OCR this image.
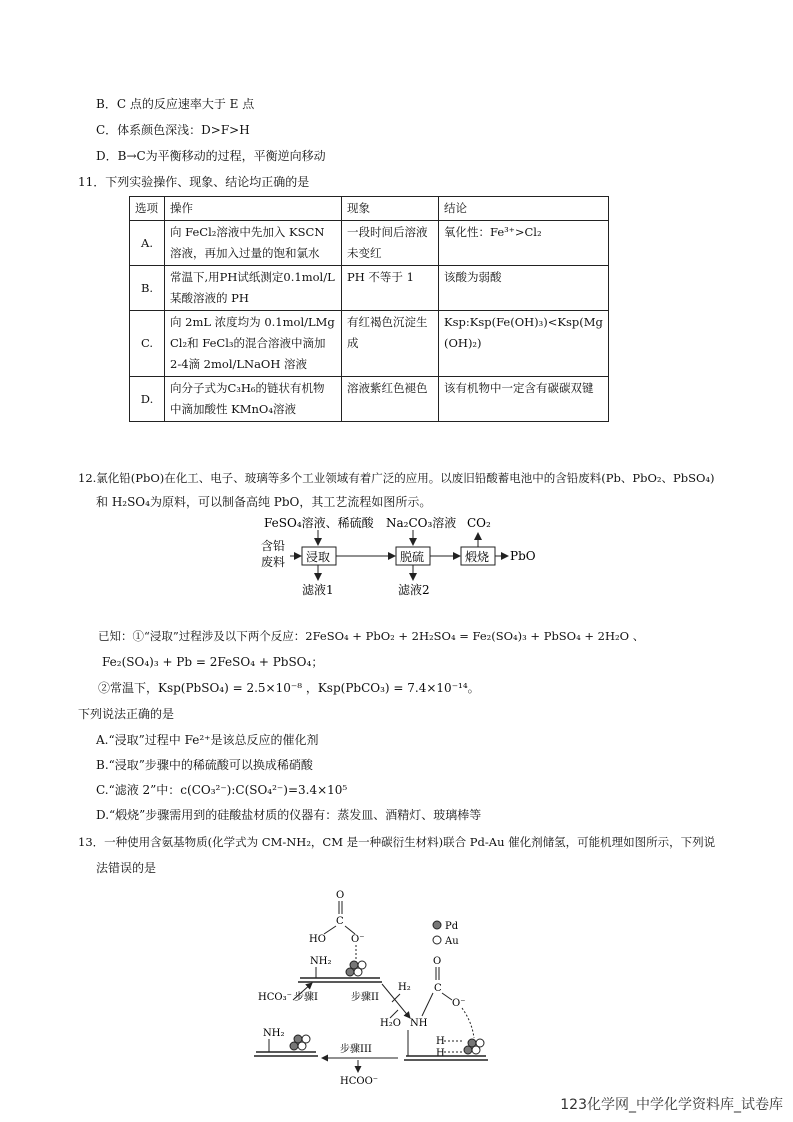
B．C 点的反应速率大于 E 点
C．体系颜色深浅：D>F>H
D．B→C为平衡移动的过程，平衡逆向移动
11．下列实验操作、现象、结论均正确的是
选项	操作	现象	结论
A.	向 FeCl₂溶液中先加入 KSCN 溶液，再加入过量的饱和氯水	一段时间后溶液未变红	氧化性：Fe³⁺>Cl₂
B.	常温下,用PH试纸测定0.1mol/L某酸溶液的 PH	PH 不等于 1	该酸为弱酸
C.	向 2mL 浓度均为 0.1mol/LMgCl₂和 FeCl₃的混合溶液中滴加 2-4滴 2mol/LNaOH 溶液	有红褐色沉淀生成	Ksp:Ksp(Fe(OH)₃)<Ksp(Mg(OH)₂)
D.	向分子式为C₃H₆的链状有机物中滴加酸性 KMnO₄溶液	溶液紫红色褪色	该有机物中一定含有碳碳双键
12.氯化铅(PbO)在化工、电子、玻璃等多个工业领域有着广泛的应用。以废旧铅酸蓄电池中的含铅废料(Pb、PbO₂、PbSO₄)
和 H₂SO₄为原料，可以制备高纯 PbO，其工艺流程如图所示。
FeSO₄溶液、稀硫酸 Na₂CO₃溶液 CO₂
含铅
废料 浸取	脱硫	煅烧 PbO
滤液1	滤液2
已知：①“浸取”过程涉及以下两个反应：2FeSO₄ + PbO₂ + 2H₂SO₄ = Fe₂(SO₄)₃ + PbSO₄ + 2H₂O 、
Fe₂(SO₄)₃ + Pb = 2FeSO₄ + PbSO₄；
②常温下，Ksp(PbSO₄) = 2.5×10⁻⁸ ，Ksp(PbCO₃) = 7.4×10⁻¹⁴。
下列说法正确的是
A.“浸取”过程中 Fe²⁺是该总反应的催化剂
B.“浸取”步骤中的稀硫酸可以换成稀硝酸
C.“滤液 2”中：c(CO₃²⁻):C(SO₄²⁻)=3.4×10⁵
D.“煅烧”步骤需用到的硅酸盐材质的仪器有：蒸发皿、酒精灯、玻璃棒等
13．一种使用含氨基物质(化学式为 CM-NH₂，CM 是一种碳衍生材料)联合 Pd-Au 催化剂储氢，可能机理如图所示，下列说
法错误的是
Pd
Au
O
C
HO	O⁻
NH₂
HCO₃⁻ 步骤I	步骤II
H₂
H₂O NH
O
C
O⁻
H
H
NH₂
步骤III
HCOO⁻
123化学网_中学化学资料库_试卷库
